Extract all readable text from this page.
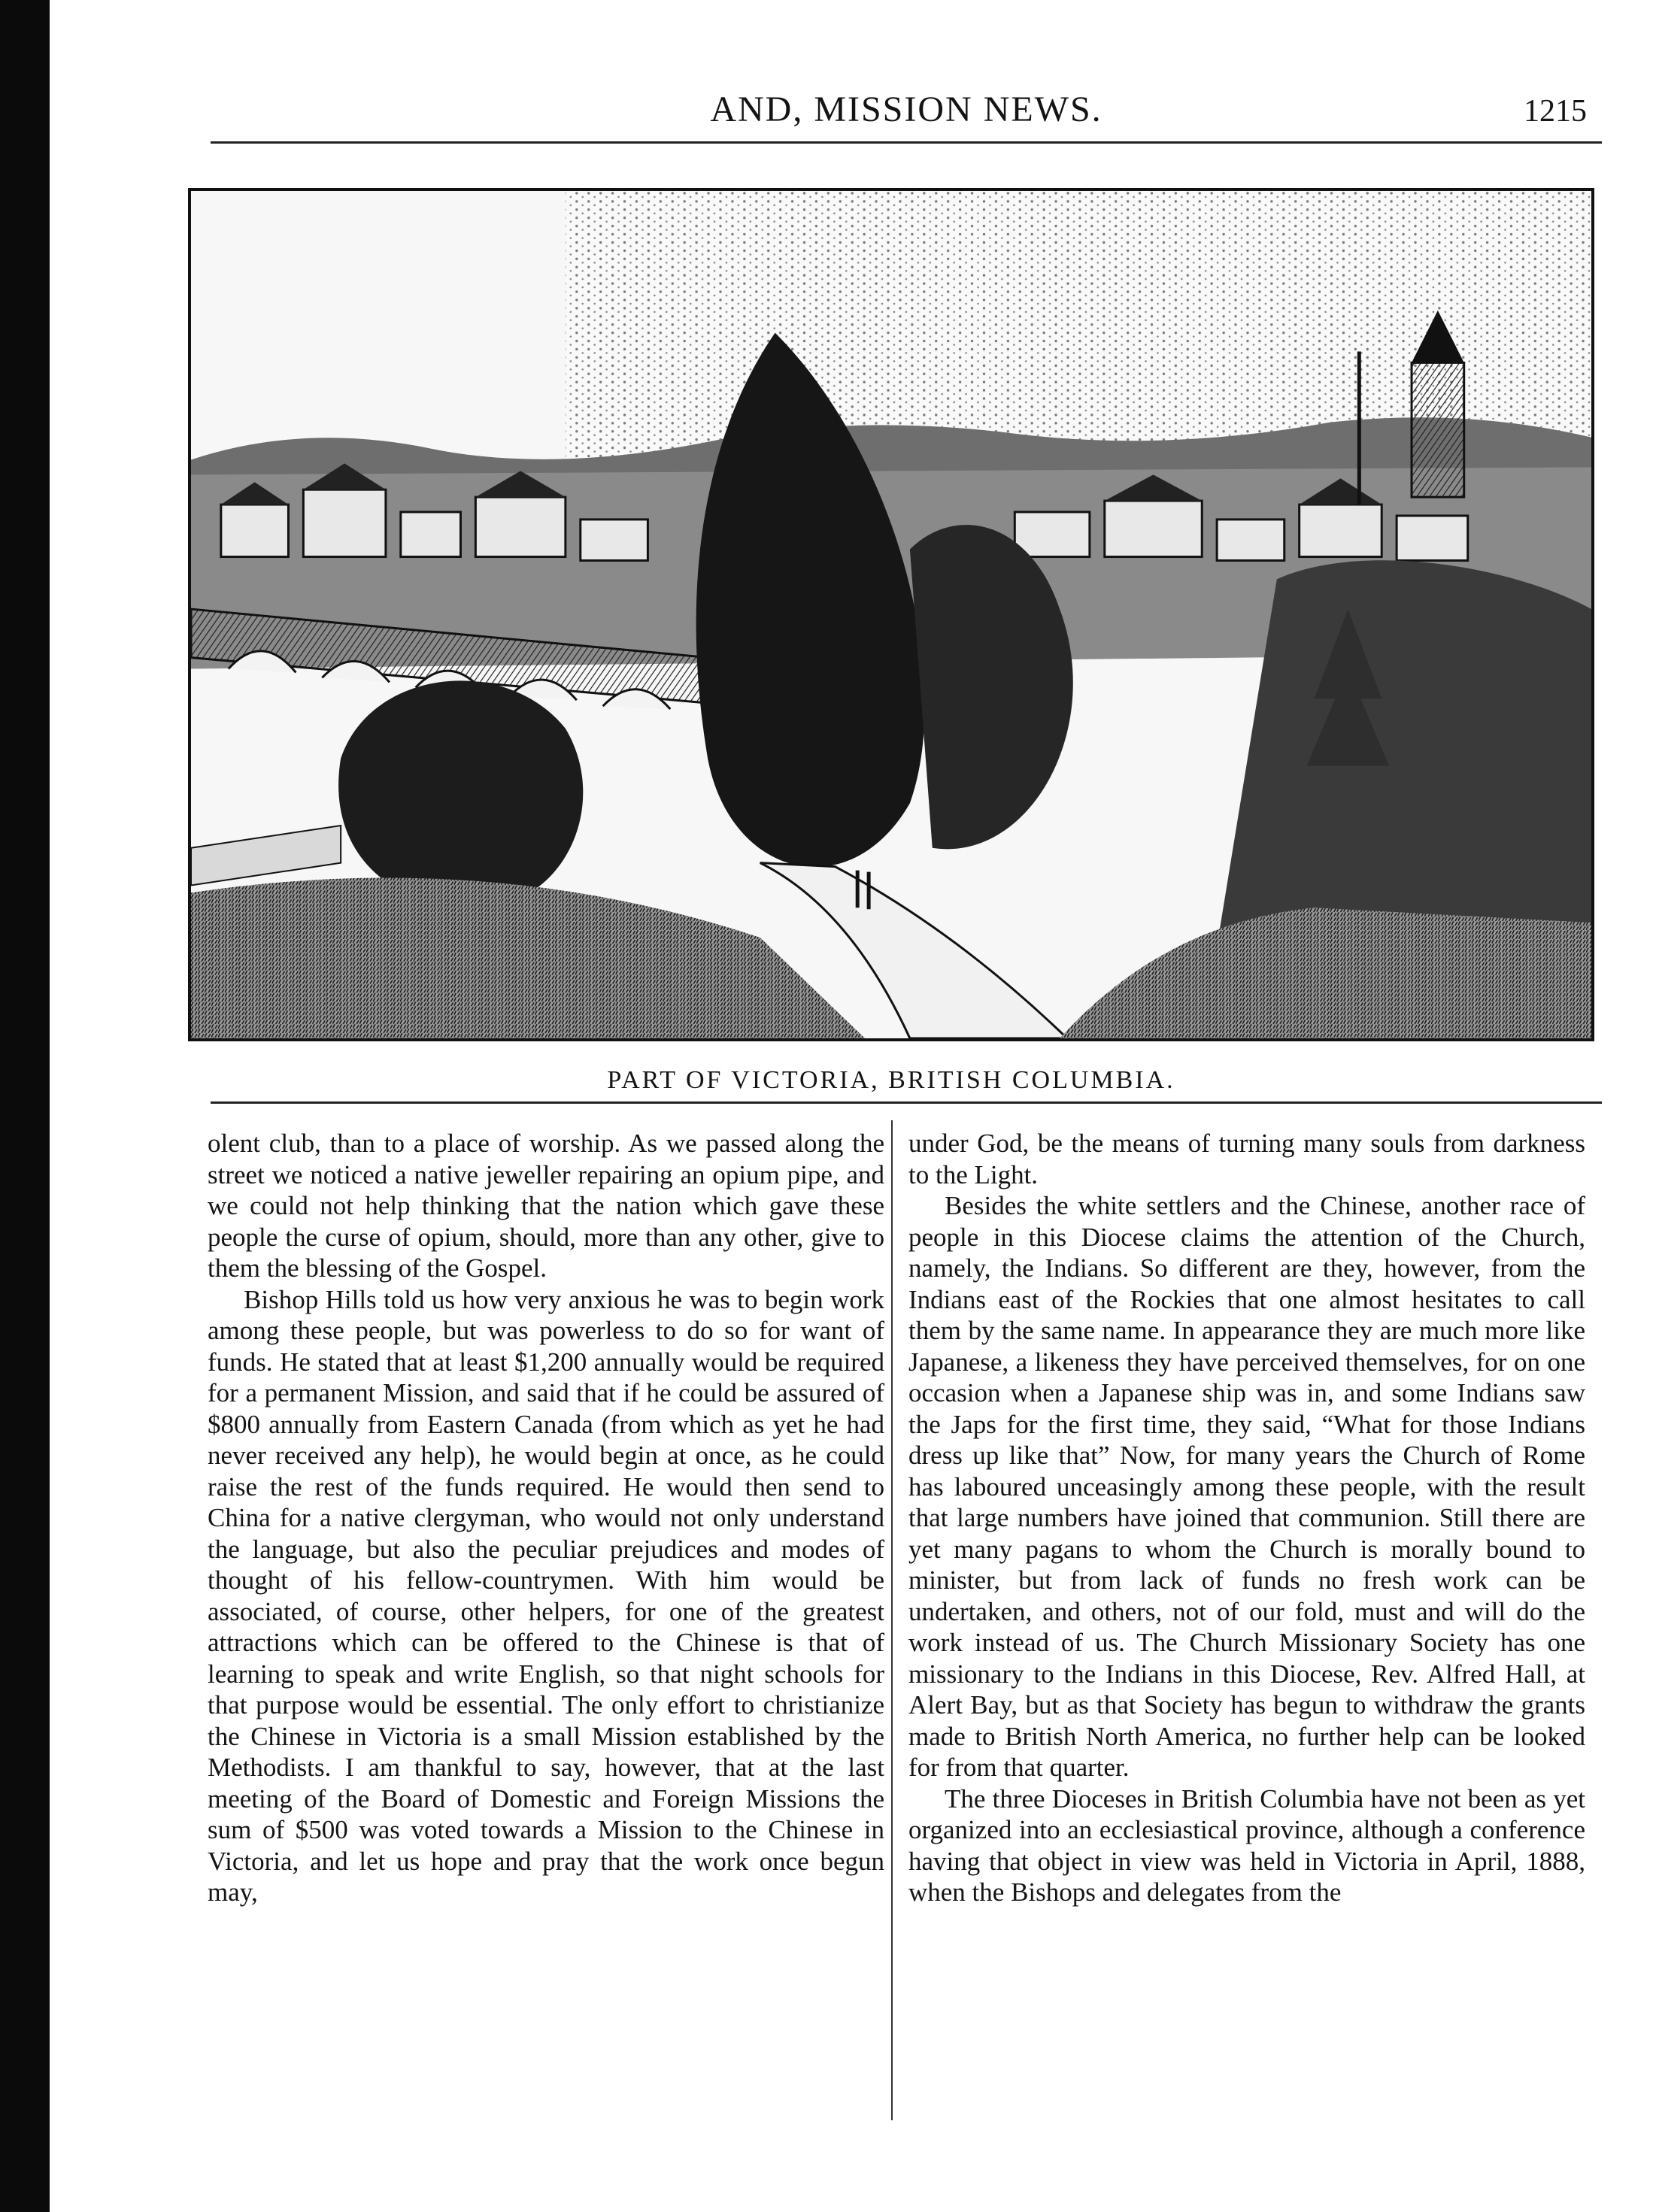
AND, MISSION NEWS.	1215
PART OF VICTORIA, BRITISH COLUMBIA.

olent club, than to a place of worship. As we passed along the street we noticed a native jeweller repairing an opium pipe, and we could not help thinking that the nation which gave these people the curse of opium, should, more than any other, give to them the blessing of the Gospel.

Bishop Hills told us how very anxious he was to begin work among these people, but was powerless to do so for want of funds. He stated that at least $1,200 annually would be required for a permanent Mission, and said that if he could be assured of $800 annually from Eastern Canada (from which as yet he had never received any help), he would begin at once, as he could raise the rest of the funds required. He would then send to China for a native clergyman, who would not only understand the language, but also the peculiar prejudices and modes of thought of his fellow-countrymen. With him would be associated, of course, other helpers, for one of the greatest attractions which can be offered to the Chinese is that of learning to speak and write English, so that night schools for that purpose would be essential. The only effort to christianize the Chinese in Victoria is a small Mission established by the Methodists. I am thankful to say, however, that at the last meeting of the Board of Domestic and Foreign Missions the sum of $500 was voted towards a Mission to the Chinese in Victoria, and let us hope and pray that the work once begun may,

under God, be the means of turning many souls from darkness to the Light.

Besides the white settlers and the Chinese, another race of people in this Diocese claims the attention of the Church, namely, the Indians. So different are they, however, from the Indians east of the Rockies that one almost hesitates to call them by the same name. In appearance they are much more like Japanese, a likeness they have perceived themselves, for on one occasion when a Japanese ship was in, and some Indians saw the Japs for the first time, they said, “What for those Indians dress up like that” Now, for many years the Church of Rome has laboured unceasingly among these people, with the result that large numbers have joined that communion. Still there are yet many pagans to whom the Church is morally bound to minister, but from lack of funds no fresh work can be undertaken, and others, not of our fold, must and will do the work instead of us. The Church Missionary Society has one missionary to the Indians in this Diocese, Rev. Alfred Hall, at Alert Bay, but as that Society has begun to withdraw the grants made to British North America, no further help can be looked for from that quarter.

The three Dioceses in British Columbia have not been as yet organized into an ecclesiastical province, although a conference having that object in view was held in Victoria in April, 1888, when the Bishops and delegates from the
